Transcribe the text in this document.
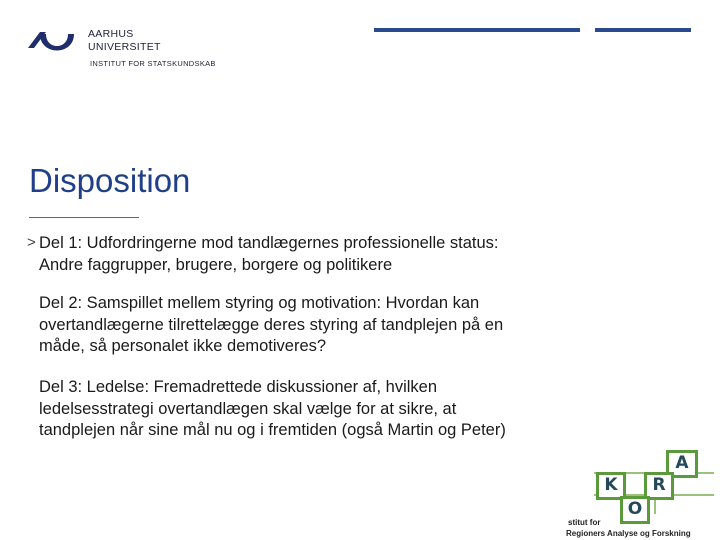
AARHUS
UNIVERSITET
INSTITUT FOR STATSKUNDSKAB
Disposition
> Del 1: Udfordringerne mod tandlægernes professionelle status:
Andre faggrupper, brugere, borgere og politikere
Del 2: Samspillet mellem styring og motivation: Hvordan kan
overtandlægerne tilrettelægge deres styring af tandplejen på en
måde, så personalet ikke demotiveres?
Del 3: Ledelse: Fremadrettede diskussioner af, hvilken
ledelsesstrategi overtandlægen skal vælge for at sikre, at
tandplejen når sine mål nu og i fremtiden (også Martin og Peter)
A
K	R
O
stitut for
Regioners Analyse og Forskning
